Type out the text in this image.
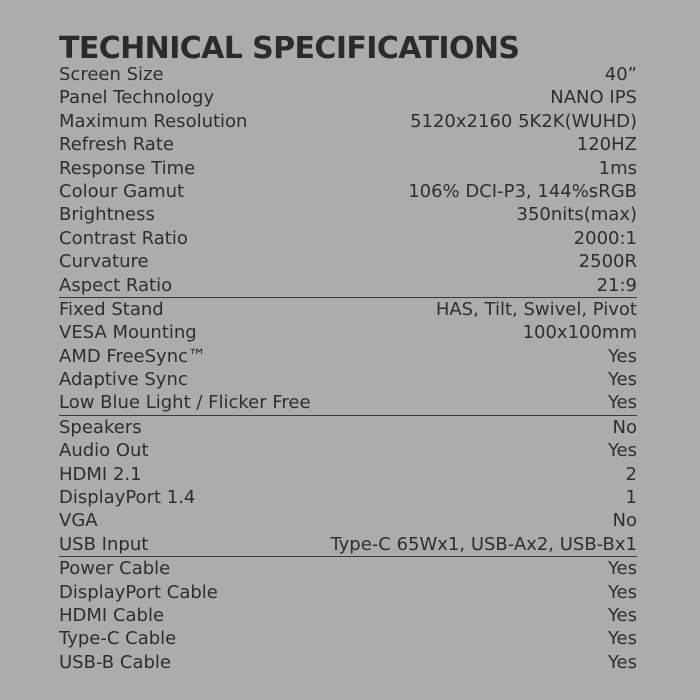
TECHNICAL SPECIFICATIONS
Screen Size	40”
Panel Technology	NANO IPS
Maximum Resolution	5120x2160 5K2K(WUHD)
Refresh Rate	120HZ
Response Time	1ms
Colour Gamut	106% DCI-P3, 144%sRGB
Brightness	350nits(max)
Contrast Ratio	2000:1
Curvature	2500R
Aspect Ratio	21:9
Fixed Stand	HAS, Tilt, Swivel, Pivot
VESA Mounting	100x100mm
AMD FreeSync™	Yes
Adaptive Sync	Yes
Low Blue Light / Flicker Free	Yes
Speakers	No
Audio Out	Yes
HDMI 2.1	2
DisplayPort 1.4	1
VGA	No
USB Input	Type-C 65Wx1, USB-Ax2, USB-Bx1
Power Cable	Yes
DisplayPort Cable	Yes
HDMI Cable	Yes
Type-C Cable	Yes
USB-B Cable	Yes
